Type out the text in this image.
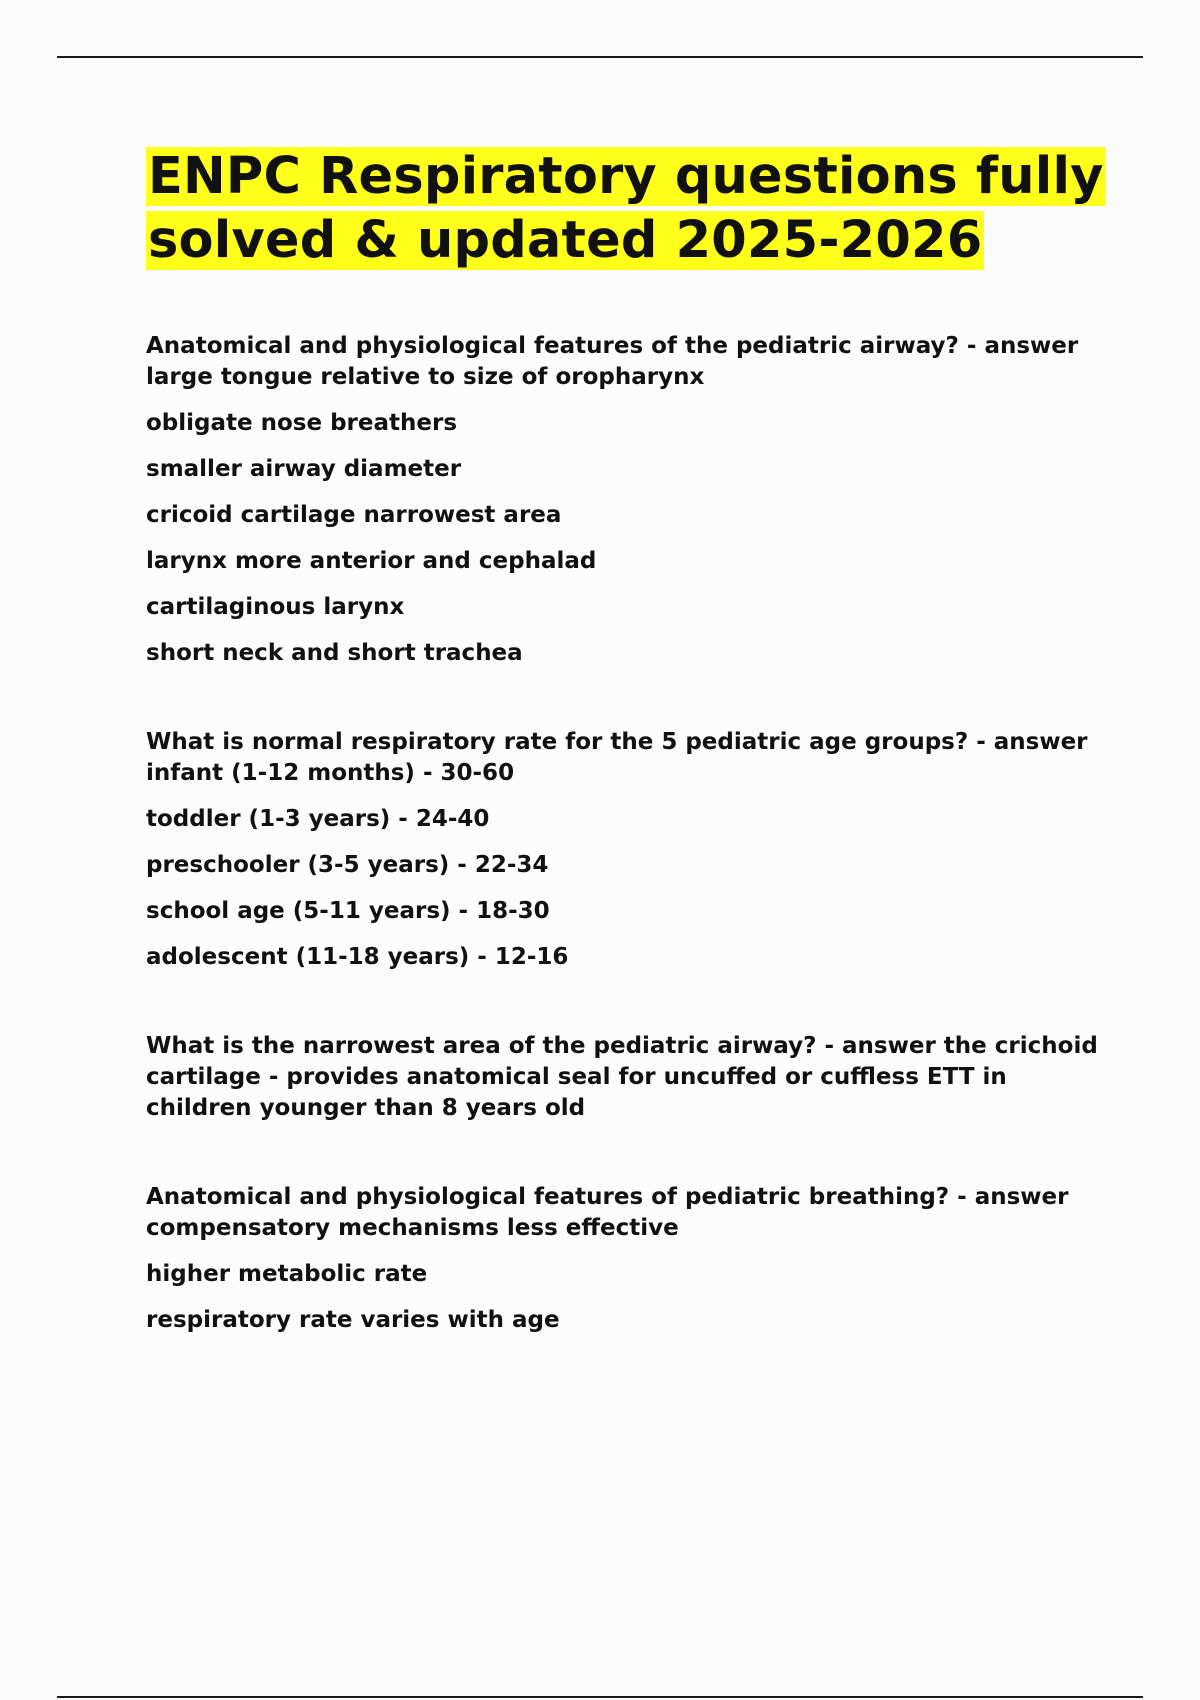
ENPC Respiratory questions fully solved & updated 2025-2026

Anatomical and physiological features of the pediatric airway? - answer large tongue relative to size of oropharynx

obligate nose breathers

smaller airway diameter

cricoid cartilage narrowest area

larynx more anterior and cephalad

cartilaginous larynx

short neck and short trachea

What is normal respiratory rate for the 5 pediatric age groups? - answer infant (1-12 months) - 30-60

toddler (1-3 years) - 24-40

preschooler (3-5 years) - 22-34

school age (5-11 years) - 18-30

adolescent (11-18 years) - 12-16

What is the narrowest area of the pediatric airway? - answer the crichoid cartilage - provides anatomical seal for uncuffed or cuffless ETT in children younger than 8 years old

Anatomical and physiological features of pediatric breathing? - answer compensatory mechanisms less effective

higher metabolic rate

respiratory rate varies with age
